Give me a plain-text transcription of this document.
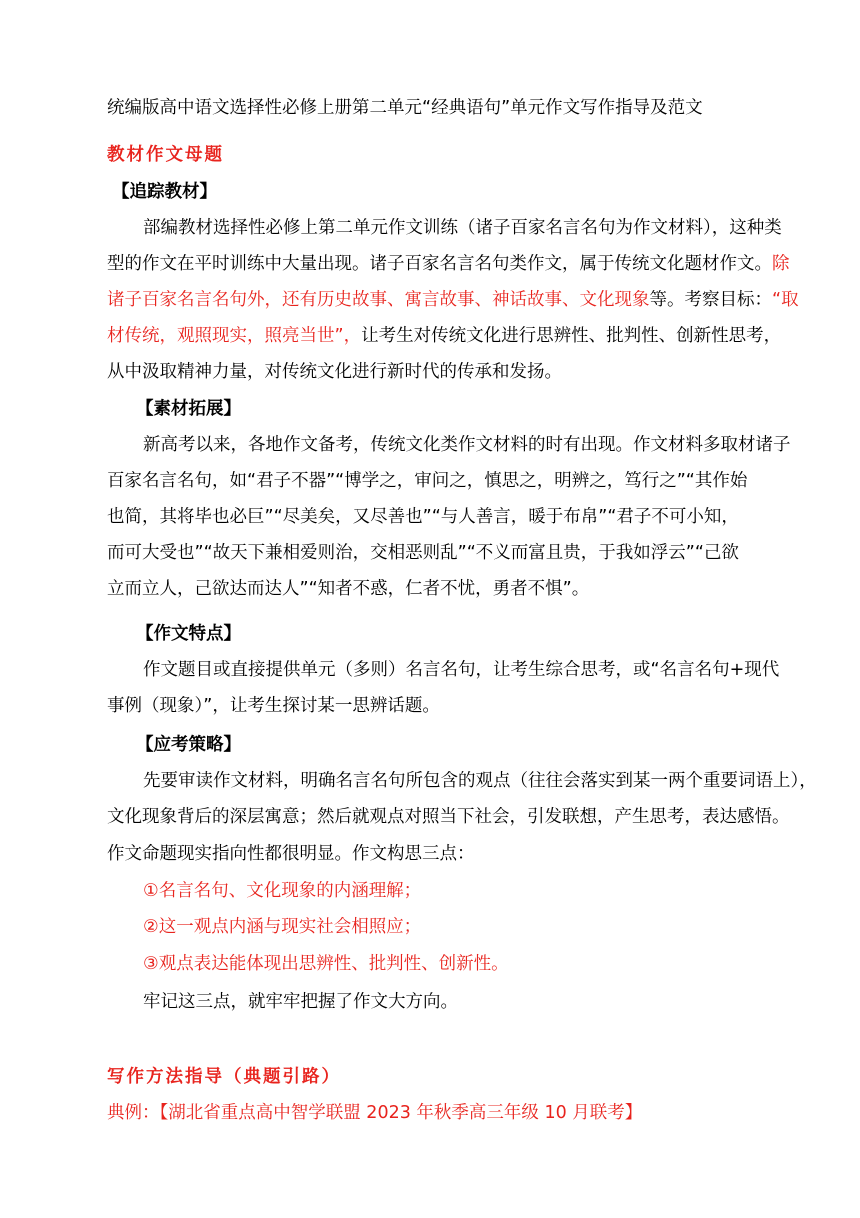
统编版高中语文选择性必修上册第二单元“经典语句”单元作文写作指导及范文
教材作文母题
【追踪教材】
部编教材选择性必修上第二单元作文训练（诸子百家名言名句为作文材料），这种类
型的作文在平时训练中大量出现。诸子百家名言名句类作文，属于传统文化题材作文。除
诸子百家名言名句外，还有历史故事、寓言故事、神话故事、文化现象等。考察目标：“取
材传统，观照现实，照亮当世”，让考生对传统文化进行思辨性、批判性、创新性思考，
从中汲取精神力量，对传统文化进行新时代的传承和发扬。
【素材拓展】
新高考以来，各地作文备考，传统文化类作文材料的时有出现。作文材料多取材诸子
百家名言名句，如“君子不器”“博学之，审问之，慎思之，明辨之，笃行之”“其作始
也简，其将毕也必巨”“尽美矣，又尽善也”“与人善言，暖于布帛”“君子不可小知，
而可大受也”“故天下兼相爱则治，交相恶则乱”“不义而富且贵，于我如浮云”“己欲
立而立人，己欲达而达人”“知者不惑，仁者不忧，勇者不惧”。
【作文特点】
作文题目或直接提供单元（多则）名言名句，让考生综合思考，或“名言名句+现代
事例（现象）”，让考生探讨某一思辨话题。
【应考策略】
先要审读作文材料，明确名言名句所包含的观点（往往会落实到某一两个重要词语上），
文化现象背后的深层寓意；然后就观点对照当下社会，引发联想，产生思考，表达感悟。
作文命题现实指向性都很明显。作文构思三点：
①名言名句、文化现象的内涵理解；
②这一观点内涵与现实社会相照应；
③观点表达能体现出思辨性、批判性、创新性。
牢记这三点，就牢牢把握了作文大方向。
写作方法指导（典题引路）
典例：【湖北省重点高中智学联盟 2023 年秋季高三年级 10 月联考】
